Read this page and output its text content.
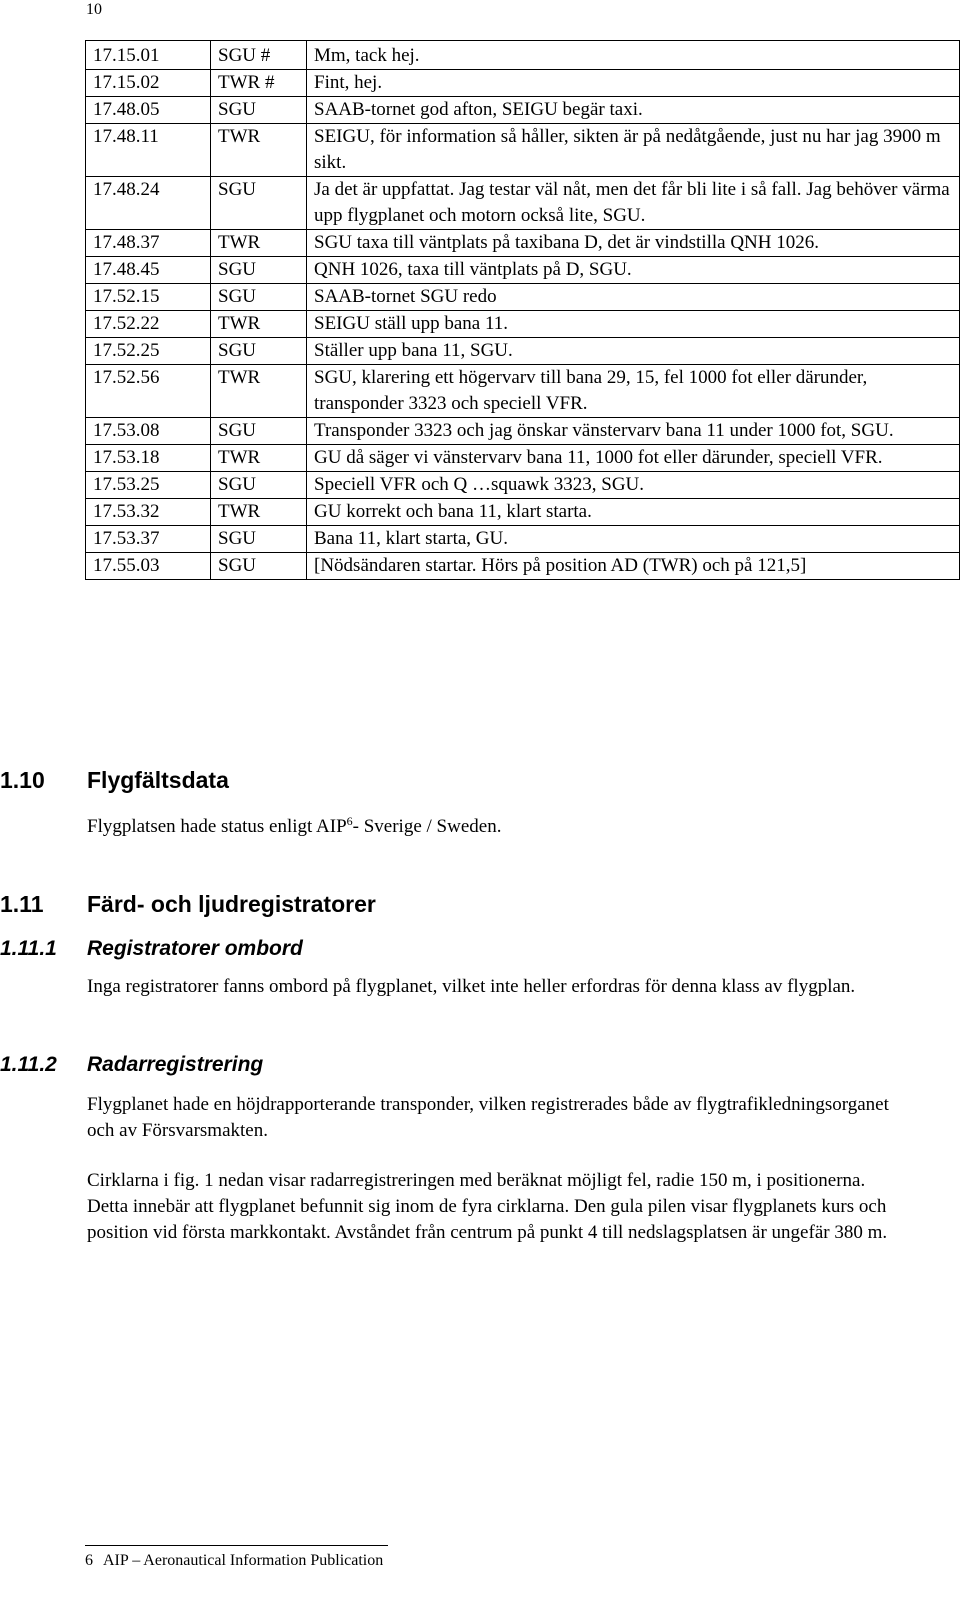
10
17.15.01	SGU #	Mm, tack hej.
17.15.02	TWR #	Fint, hej.
17.48.05	SGU	SAAB-tornet god afton, SEIGU begär taxi.
17.48.11	TWR	SEIGU, för information så håller, sikten är på nedåtgående, just nu har jag 3900 m sikt.
17.48.24	SGU	Ja det är uppfattat. Jag testar väl nåt, men det får bli lite i så fall. Jag behöver värma upp flygplanet och motorn också lite, SGU.
17.48.37	TWR	SGU taxa till väntplats på taxibana D, det är vindstilla QNH 1026.
17.48.45	SGU	QNH 1026, taxa till väntplats på D, SGU.
17.52.15	SGU	SAAB-tornet SGU redo
17.52.22	TWR	SEIGU ställ upp bana 11.
17.52.25	SGU	Ställer upp bana 11, SGU.
17.52.56	TWR	SGU, klarering ett högervarv till bana 29, 15, fel 1000 fot eller därunder, transponder 3323 och speciell VFR.
17.53.08	SGU	Transponder 3323 och jag önskar vänstervarv bana 11 under 1000 fot, SGU.
17.53.18	TWR	GU då säger vi vänstervarv bana 11, 1000 fot eller därunder, speciell VFR.
17.53.25	SGU	Speciell VFR och Q …squawk 3323, SGU.
17.53.32	TWR	GU korrekt och bana 11, klart starta.
17.53.37	SGU	Bana 11, klart starta, GU.
17.55.03	SGU	[Nödsändaren startar. Hörs på position AD (TWR) och på 121,5]
1.10 Flygfältsdata

Flygplatsen hade status enligt AIP$^6$- Sverige / Sweden.

1.11 Färd- och ljudregistratorer
1.11.1 Registratorer ombord

Inga registratorer fanns ombord på flygplanet, vilket inte heller erfordras för denna klass av flygplan.

1.11.2 Radarregistrering

Flygplanet hade en höjdrapporterande transponder, vilken registrerades både av flygtrafikledningsorganet och av Försvarsmakten.

Cirklarna i fig. 1 nedan visar radarregistreringen med beräknat möjligt fel, radie 150 m, i positionerna. Detta innebär att flygplanet befunnit sig inom de fyra cirklarna. Den gula pilen visar flygplanets kurs och position vid första markkontakt. Avståndet från centrum på punkt 4 till nedslagsplatsen är ungefär 380 m.

6 AIP – Aeronautical Information Publication
